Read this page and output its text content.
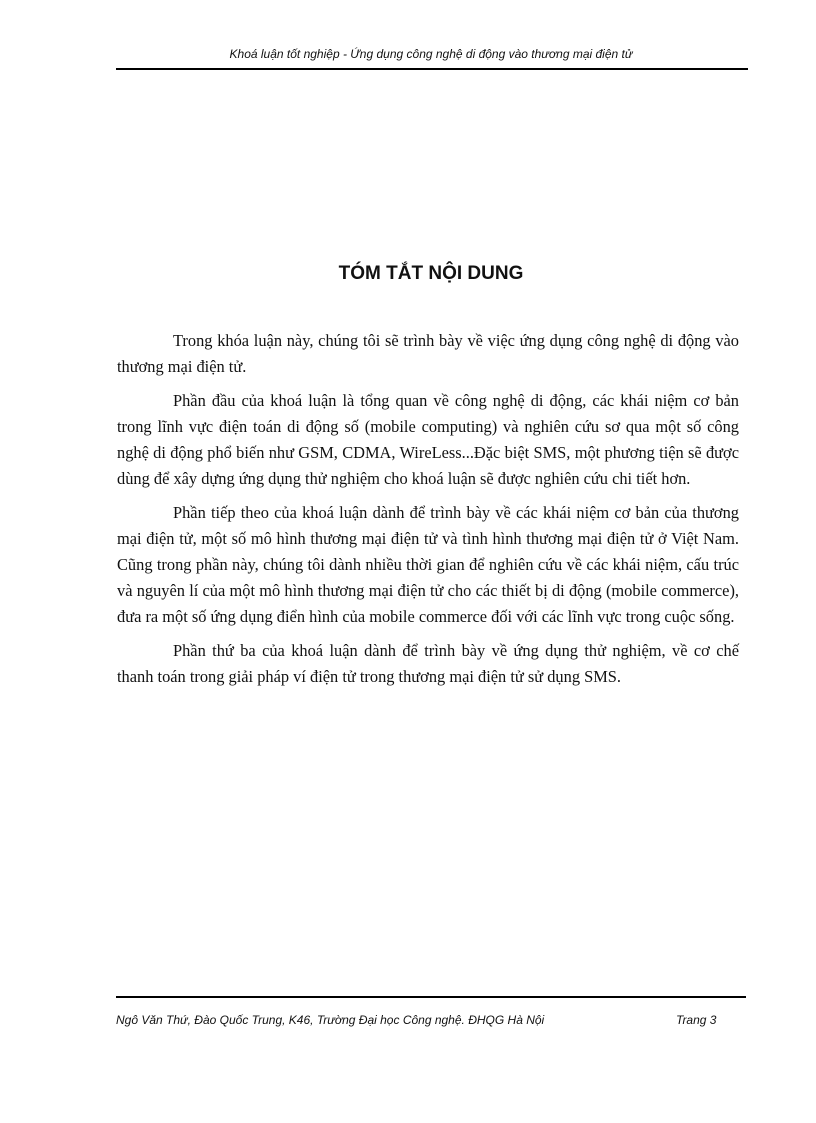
Khoá luận tốt nghiệp - Ứng dụng công nghệ di động vào thương mại điện tử
TÓM TẮT NỘI DUNG

Trong khóa luận này, chúng tôi sẽ trình bày về việc ứng dụng công nghệ di động vào thương mại điện tử.

Phần đầu của khoá luận là tổng quan về công nghệ di động, các khái niệm cơ bản trong lĩnh vực điện toán di động số (mobile computing) và nghiên cứu sơ qua một số công nghệ di động phổ biến như GSM, CDMA, WireLess...Đặc biệt SMS, một phương tiện sẽ được dùng để xây dựng ứng dụng thử nghiệm cho khoá luận sẽ được nghiên cứu chi tiết hơn.

Phần tiếp theo của khoá luận dành để trình bày về các khái niệm cơ bản của thương mại điện tử, một số mô hình thương mại điện tử và tình hình thương mại điện tử ở Việt Nam. Cũng trong phần này, chúng tôi dành nhiều thời gian để nghiên cứu về các khái niệm, cấu trúc và nguyên lí của một mô hình thương mại điện tử cho các thiết bị di động (mobile commerce), đưa ra một số ứng dụng điển hình của mobile commerce đối với các lĩnh vực trong cuộc sống.

Phần thứ ba của khoá luận dành để trình bày về ứng dụng thử nghiệm, về cơ chế thanh toán trong giải pháp ví điện tử trong thương mại điện tử sử dụng SMS.

Ngô Văn Thứ, Đào Quốc Trung, K46, Trường Đại học Công nghệ. ĐHQG Hà Nội	Trang 3
